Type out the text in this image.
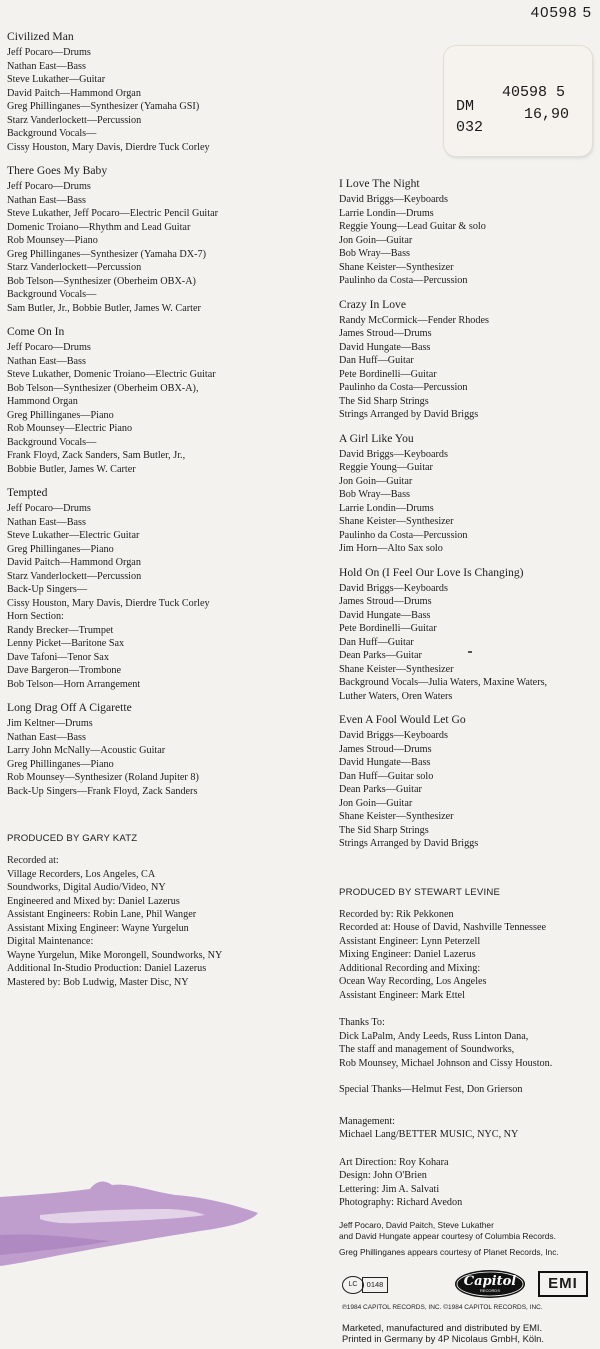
40598 5
40598 5
DM	16,90
032
Civilized Man

Jeff Pocaro—Drums

Nathan East—Bass

Steve Lukather—Guitar

David Paitch—Hammond Organ

Greg Phillinganes—Synthesizer (Yamaha GSI)

Starz Vanderlockett—Percussion

Background Vocals—

Cissy Houston, Mary Davis, Dierdre Tuck Corley

There Goes My Baby

Jeff Pocaro—Drums

Nathan East—Bass

Steve Lukather, Jeff Pocaro—Electric Pencil Guitar

Domenic Troiano—Rhythm and Lead Guitar

Rob Mounsey—Piano

Greg Phillinganes—Synthesizer (Yamaha DX-7)

Starz Vanderlockett—Percussion

Bob Telson—Synthesizer (Oberheim OBX-A)

Background Vocals—

Sam Butler, Jr., Bobbie Butler, James W. Carter

Come On In

Jeff Pocaro—Drums

Nathan East—Bass

Steve Lukather, Domenic Troiano—Electric Guitar

Bob Telson—Synthesizer (Oberheim OBX-A),

Hammond Organ

Greg Phillinganes—Piano

Rob Mounsey—Electric Piano

Background Vocals—

Frank Floyd, Zack Sanders, Sam Butler, Jr.,

Bobbie Butler, James W. Carter

Tempted

Jeff Pocaro—Drums

Nathan East—Bass

Steve Lukather—Electric Guitar

Greg Phillinganes—Piano

David Paitch—Hammond Organ

Starz Vanderlockett—Percussion

Back-Up Singers—

Cissy Houston, Mary Davis, Dierdre Tuck Corley

Horn Section:

Randy Brecker—Trumpet

Lenny Picket—Baritone Sax

Dave Tafoni—Tenor Sax

Dave Bargeron—Trombone

Bob Telson—Horn Arrangement

Long Drag Off A Cigarette

Jim Keltner—Drums

Nathan East—Bass

Larry John McNally—Acoustic Guitar

Greg Phillinganes—Piano

Rob Mounsey—Synthesizer (Roland Jupiter 8)

Back-Up Singers—Frank Floyd, Zack Sanders

PRODUCED BY GARY KATZ

Recorded at:

Village Recorders, Los Angeles, CA

Soundworks, Digital Audio/Video, NY

Engineered and Mixed by: Daniel Lazerus

Assistant Engineers: Robin Lane, Phil Wanger

Assistant Mixing Engineer: Wayne Yurgelun

Digital Maintenance:

Wayne Yurgelun, Mike Morongell, Soundworks, NY

Additional In-Studio Production: Daniel Lazerus

Mastered by: Bob Ludwig, Master Disc, NY

I Love The Night

David Briggs—Keyboards

Larrie Londin—Drums

Reggie Young—Lead Guitar & solo

Jon Goin—Guitar

Bob Wray—Bass

Shane Keister—Synthesizer

Paulinho da Costa—Percussion

Crazy In Love

Randy McCormick—Fender Rhodes

James Stroud—Drums

David Hungate—Bass

Dan Huff—Guitar

Pete Bordinelli—Guitar

Paulinho da Costa—Percussion

The Sid Sharp Strings

Strings Arranged by David Briggs

A Girl Like You

David Briggs—Keyboards

Reggie Young—Guitar

Jon Goin—Guitar

Bob Wray—Bass

Larrie Londin—Drums

Shane Keister—Synthesizer

Paulinho da Costa—Percussion

Jim Horn—Alto Sax solo

Hold On (I Feel Our Love Is Changing)

David Briggs—Keyboards

James Stroud—Drums

David Hungate—Bass

Pete Bordinelli—Guitar

Dan Huff—Guitar

Dean Parks—Guitar

Shane Keister—Synthesizer

Background Vocals—Julia Waters, Maxine Waters,

Luther Waters, Oren Waters

Even A Fool Would Let Go

David Briggs—Keyboards

James Stroud—Drums

David Hungate—Bass

Dan Huff—Guitar solo

Dean Parks—Guitar

Jon Goin—Guitar

Shane Keister—Synthesizer

The Sid Sharp Strings

Strings Arranged by David Briggs

PRODUCED BY STEWART LEVINE

Recorded by: Rik Pekkonen

Recorded at: House of David, Nashville Tennessee

Assistant Engineer: Lynn Peterzell

Mixing Engineer: Daniel Lazerus

Additional Recording and Mixing:

Ocean Way Recording, Los Angeles

Assistant Engineer: Mark Ettel

Thanks To:

Dick LaPalm, Andy Leeds, Russ Linton Dana,

The staff and management of Soundworks,

Rob Mounsey, Michael Johnson and Cissy Houston.

Special Thanks—Helmut Fest, Don Grierson

Management:

Michael Lang/BETTER MUSIC, NYC, NY

Art Direction: Roy Kohara

Design: John O'Brien

Lettering: Jim A. Salvati

Photography: Richard Avedon

Jeff Pocaro, David Paitch, Steve Lukather

and David Hungate appear courtesy of Columbia Records.

Greg Phillinganes appears courtesy of Planet Records, Inc.

LC	0148	Capitol
RECORDS	EMI
℗1984 CAPITOL RECORDS, INC. ©1984 CAPITOL RECORDS, INC.
Marketed, manufactured and distributed by EMI.
Printed in Germany by 4P Nicolaus GmbH, Köln.
